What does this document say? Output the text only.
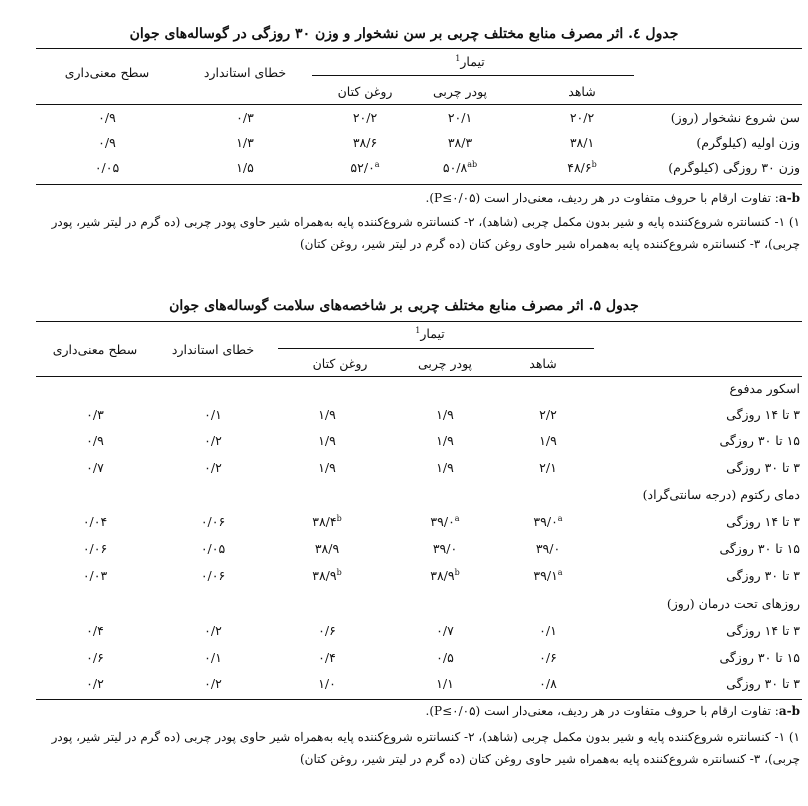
جدول ٤. اثر مصرف منابع مختلف چربی بر سن نشخوار و وزن ۳۰ روزگی در گوساله‌های جوان
تیمار$^1$
سطح معنی‌داری	خطای استاندارد
شاهد
پودر چربی
روغن کتان
سن شروع نشخوار (روز)
۲۰/۲
۲۰/۱
۲۰/۲
۰/۳
۰/۹
وزن اولیه (کیلوگرم)
۳۸/۱
۳۸/۳
۳۸/۶
۱/۳
۰/۹
وزن ۳۰ روزگی (کیلوگرم)
۴۸/۶$^b$
$۵۰/۸^{ab}$
۵۲/۰$^a$
۱/۵
۰/۰۵
a-b: تفاوت ارقام با حروف متفاوت در هر ردیف، معنی‌دار است (P≤۰/۰۵).
۱) ۱- کنسانتره شروع‌کننده پایه و شیر بدون مکمل چربی (شاهد)، ۲- کنسانتره شروع‌کننده پایه به‌همراه شیر حاوی پودر چربی (ده گرم در لیتر شیر، پودر چربی)، ۳- کنسانتره شروع‌کننده پایه به‌همراه شیر حاوی روغن کتان (ده گرم در لیتر شیر، روغن کتان)
جدول ۵. اثر مصرف منابع مختلف چربی بر شاخصه‌های سلامت گوساله‌های جوان
تیمار$^1$
سطح معنی‌داری	خطای استاندارد
شاهد
پودر چربی
روغن کتان
اسکور مدفوع
۳ تا ۱۴ روزگی
۲/۲
۱/۹
۱/۹
۰/۱
۰/۳
۱۵ تا ۳۰ روزگی
۱/۹
۱/۹
۱/۹
۰/۲
۰/۹
۳ تا ۳۰ روزگی
۲/۱
۱/۹
۱/۹
۰/۲
۰/۷
دمای رکتوم (درجه سانتی‌گراد)
۳ تا ۱۴ روزگی
۳۹/۰$^a$
۳۹/۰$^a$
۳۸/۴$^b$
۰/۰۶
۰/۰۴
۱۵ تا ۳۰ روزگی
۳۹/۰
۳۹/۰
۳۸/۹
۰/۰۵
۰/۰۶
۳ تا ۳۰ روزگی
۳۹/۱$^a$
۳۸/۹$^b$
۳۸/۹$^b$
۰/۰۶
۰/۰۳
روزهای تحت درمان (روز)
۳ تا ۱۴ روزگی
۰/۱
۰/۷
۰/۶
۰/۲
۰/۴
۱۵ تا ۳۰ روزگی
۰/۶
۰/۵
۰/۴
۰/۱
۰/۶
۳ تا ۳۰ روزگی
۰/۸
۱/۱
۱/۰
۰/۲
۰/۲
a-b: تفاوت ارقام با حروف متفاوت در هر ردیف، معنی‌دار است (P≤۰/۰۵).
۱) ۱- کنسانتره شروع‌کننده پایه و شیر بدون مکمل چربی (شاهد)، ۲- کنسانتره شروع‌کننده پایه به‌همراه شیر حاوی پودر چربی (ده گرم در لیتر شیر، پودر چربی)، ۳- کنسانتره شروع‌کننده پایه به‌همراه شیر حاوی روغن کتان (ده گرم در لیتر شیر، روغن کتان)
